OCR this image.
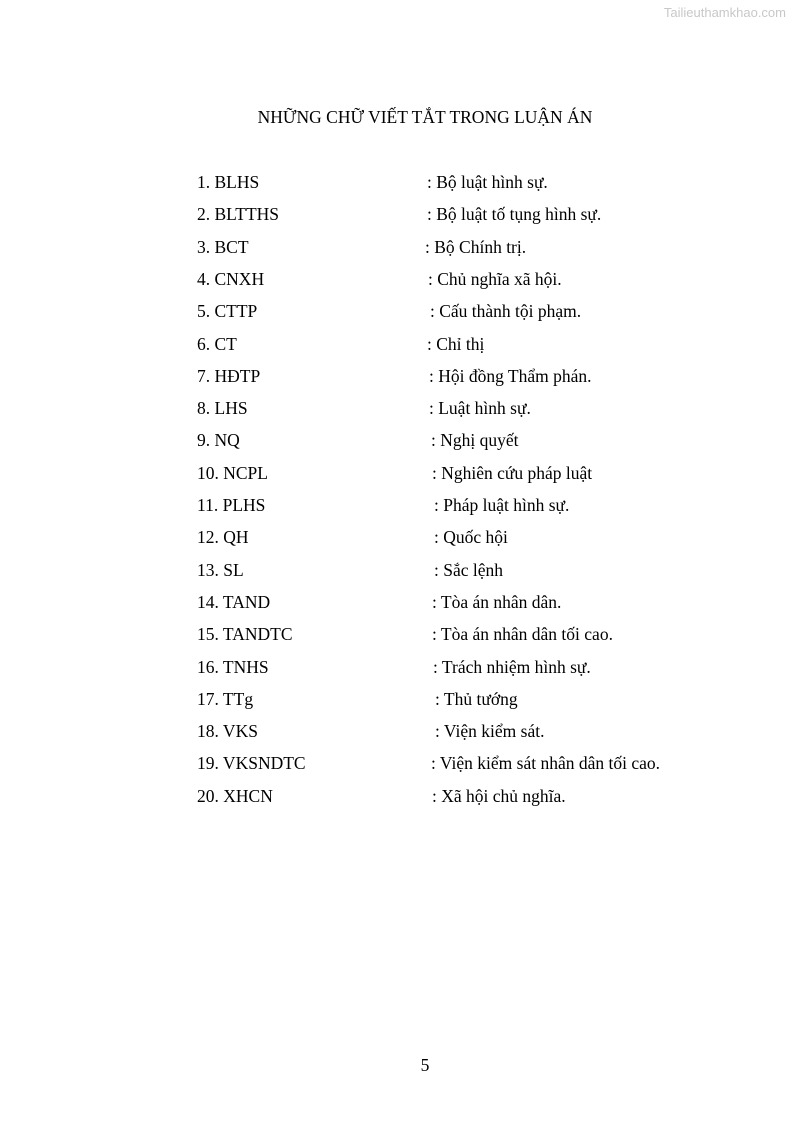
Tailieuthamkhao.com
NHỮNG CHỮ VIẾT TẮT TRONG LUẬN ÁN
1. BLHS	: Bộ luật hình sự.
2. BLTTHS	: Bộ luật tố tụng hình sự.
3. BCT	: Bộ Chính trị.
4. CNXH	: Chủ nghĩa xã hội.
5. CTTP	: Cấu thành tội phạm.
6. CT	: Chỉ thị
7. HĐTP	: Hội đồng Thẩm phán.
8. LHS	: Luật hình sự.
9. NQ	: Nghị quyết
10. NCPL	: Nghiên cứu pháp luật
11. PLHS	: Pháp luật hình sự.
12. QH	: Quốc hội
13. SL	: Sắc lệnh
14. TAND	: Tòa án nhân dân.
15. TANDTC	: Tòa án nhân dân tối cao.
16. TNHS	: Trách nhiệm hình sự.
17. TTg	: Thủ tướng
18. VKS	: Viện kiểm sát.
19. VKSNDTC	: Viện kiểm sát nhân dân tối cao.
20. XHCN	: Xã hội chủ nghĩa.
5
